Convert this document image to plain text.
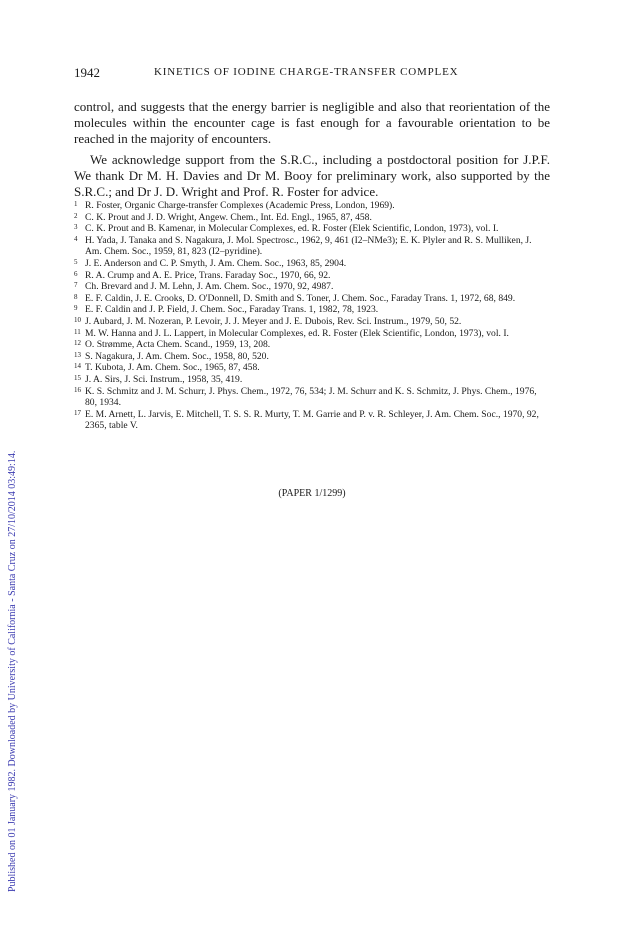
1942	KINETICS OF IODINE CHARGE-TRANSFER COMPLEX

control, and suggests that the energy barrier is negligible and also that reorientation of the molecules within the encounter cage is fast enough for a favourable orientation to be reached in the majority of encounters.

We acknowledge support from the S.R.C., including a postdoctoral position for J.P.F. We thank Dr M. H. Davies and Dr M. Booy for preliminary work, also supported by the S.R.C.; and Dr J. D. Wright and Prof. R. Foster for advice.

1 R. Foster, Organic Charge-transfer Complexes (Academic Press, London, 1969).
2 C. K. Prout and J. D. Wright, Angew. Chem., Int. Ed. Engl., 1965, 87, 458.
3 C. K. Prout and B. Kamenar, in Molecular Complexes, ed. R. Foster (Elek Scientific, London, 1973), vol. I.
4 H. Yada, J. Tanaka and S. Nagakura, J. Mol. Spectrosc., 1962, 9, 461 (I2–NMe3); E. K. Plyler and R. S. Mulliken, J. Am. Chem. Soc., 1959, 81, 823 (I2–pyridine).
5 J. E. Anderson and C. P. Smyth, J. Am. Chem. Soc., 1963, 85, 2904.
6 R. A. Crump and A. E. Price, Trans. Faraday Soc., 1970, 66, 92.
7 Ch. Brevard and J. M. Lehn, J. Am. Chem. Soc., 1970, 92, 4987.
8 E. F. Caldin, J. E. Crooks, D. O'Donnell, D. Smith and S. Toner, J. Chem. Soc., Faraday Trans. 1, 1972, 68, 849.
9 E. F. Caldin and J. P. Field, J. Chem. Soc., Faraday Trans. 1, 1982, 78, 1923.
10 J. Aubard, J. M. Nozeran, P. Levoir, J. J. Meyer and J. E. Dubois, Rev. Sci. Instrum., 1979, 50, 52.
11 M. W. Hanna and J. L. Lappert, in Molecular Complexes, ed. R. Foster (Elek Scientific, London, 1973), vol. I.
12 O. Strømme, Acta Chem. Scand., 1959, 13, 208.
13 S. Nagakura, J. Am. Chem. Soc., 1958, 80, 520.
14 T. Kubota, J. Am. Chem. Soc., 1965, 87, 458.
15 J. A. Sirs, J. Sci. Instrum., 1958, 35, 419.
16 K. S. Schmitz and J. M. Schurr, J. Phys. Chem., 1972, 76, 534; J. M. Schurr and K. S. Schmitz, J. Phys. Chem., 1976, 80, 1934.
17 E. M. Arnett, L. Jarvis, E. Mitchell, T. S. S. R. Murty, T. M. Garrie and P. v. R. Schleyer, J. Am. Chem. Soc., 1970, 92, 2365, table V.
(PAPER 1/1299)
Published on 01 January 1982. Downloaded by University of California - Santa Cruz on 27/10/2014 03:49:14.
